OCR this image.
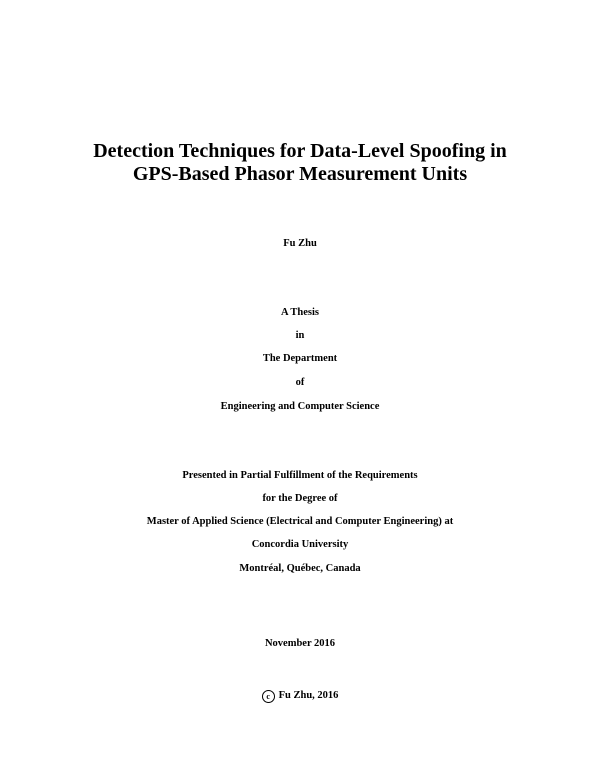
Detection Techniques for Data-Level Spoofing in
GPS-Based Phasor Measurement Units
Fu Zhu
A Thesis
in
The Department
of
Engineering and Computer Science
Presented in Partial Fulfillment of the Requirements
for the Degree of
Master of Applied Science (Electrical and Computer Engineering) at
Concordia University
Montréal, Québec, Canada
November 2016
c Fu Zhu, 2016
